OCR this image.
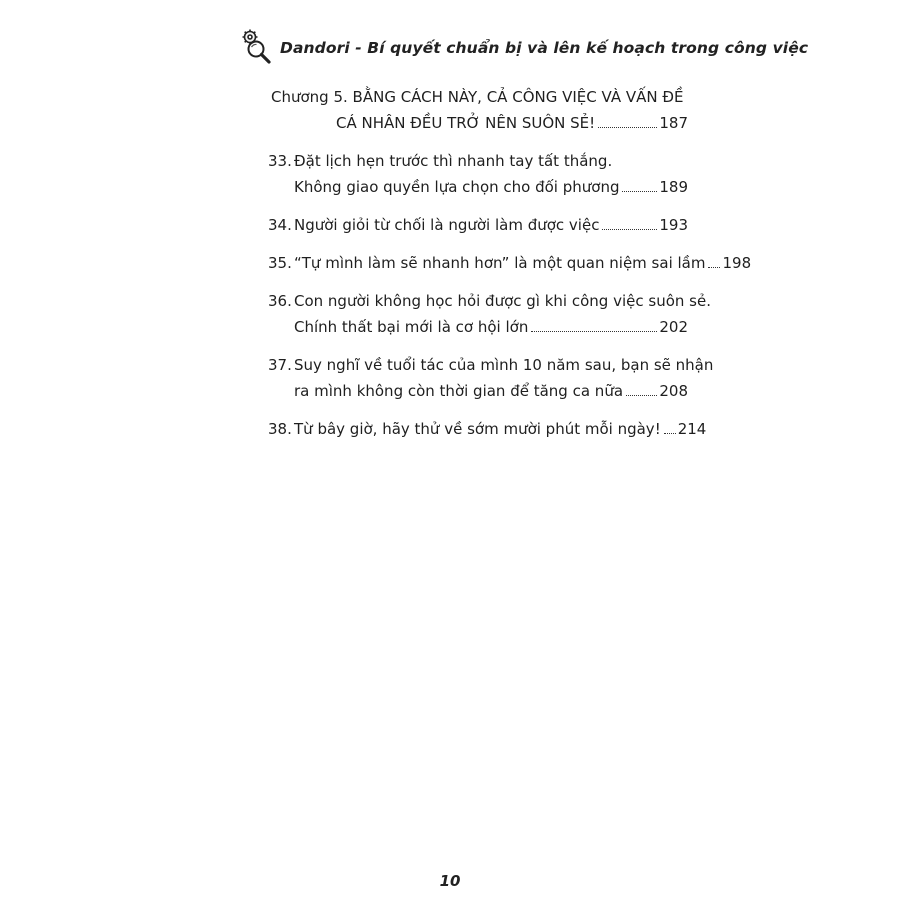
Dandori - Bí quyết chuẩn bị và lên kế hoạch trong công việc
Chương 5. BẰNG CÁCH NÀY, CẢ CÔNG VIỆC VÀ VẤN ĐỀ
CÁ NHÂN ĐỀU TRỞ NÊN SUÔN SẺ!	187
33. Đặt lịch hẹn trước thì nhanh tay tất thắng.
Không giao quyền lựa chọn cho đối phương	189
34. Người giỏi từ chối là người làm được việc	193
35. “Tự mình làm sẽ nhanh hơn” là một quan niệm sai lầm 198
36. Con người không học hỏi được gì khi công việc suôn sẻ.
Chính thất bại mới là cơ hội lớn	202
37. Suy nghĩ về tuổi tác của mình 10 năm sau, bạn sẽ nhận
ra mình không còn thời gian để tăng ca nữa 208
38. Từ bây giờ, hãy thử về sớm mười phút mỗi ngày! 214
10
